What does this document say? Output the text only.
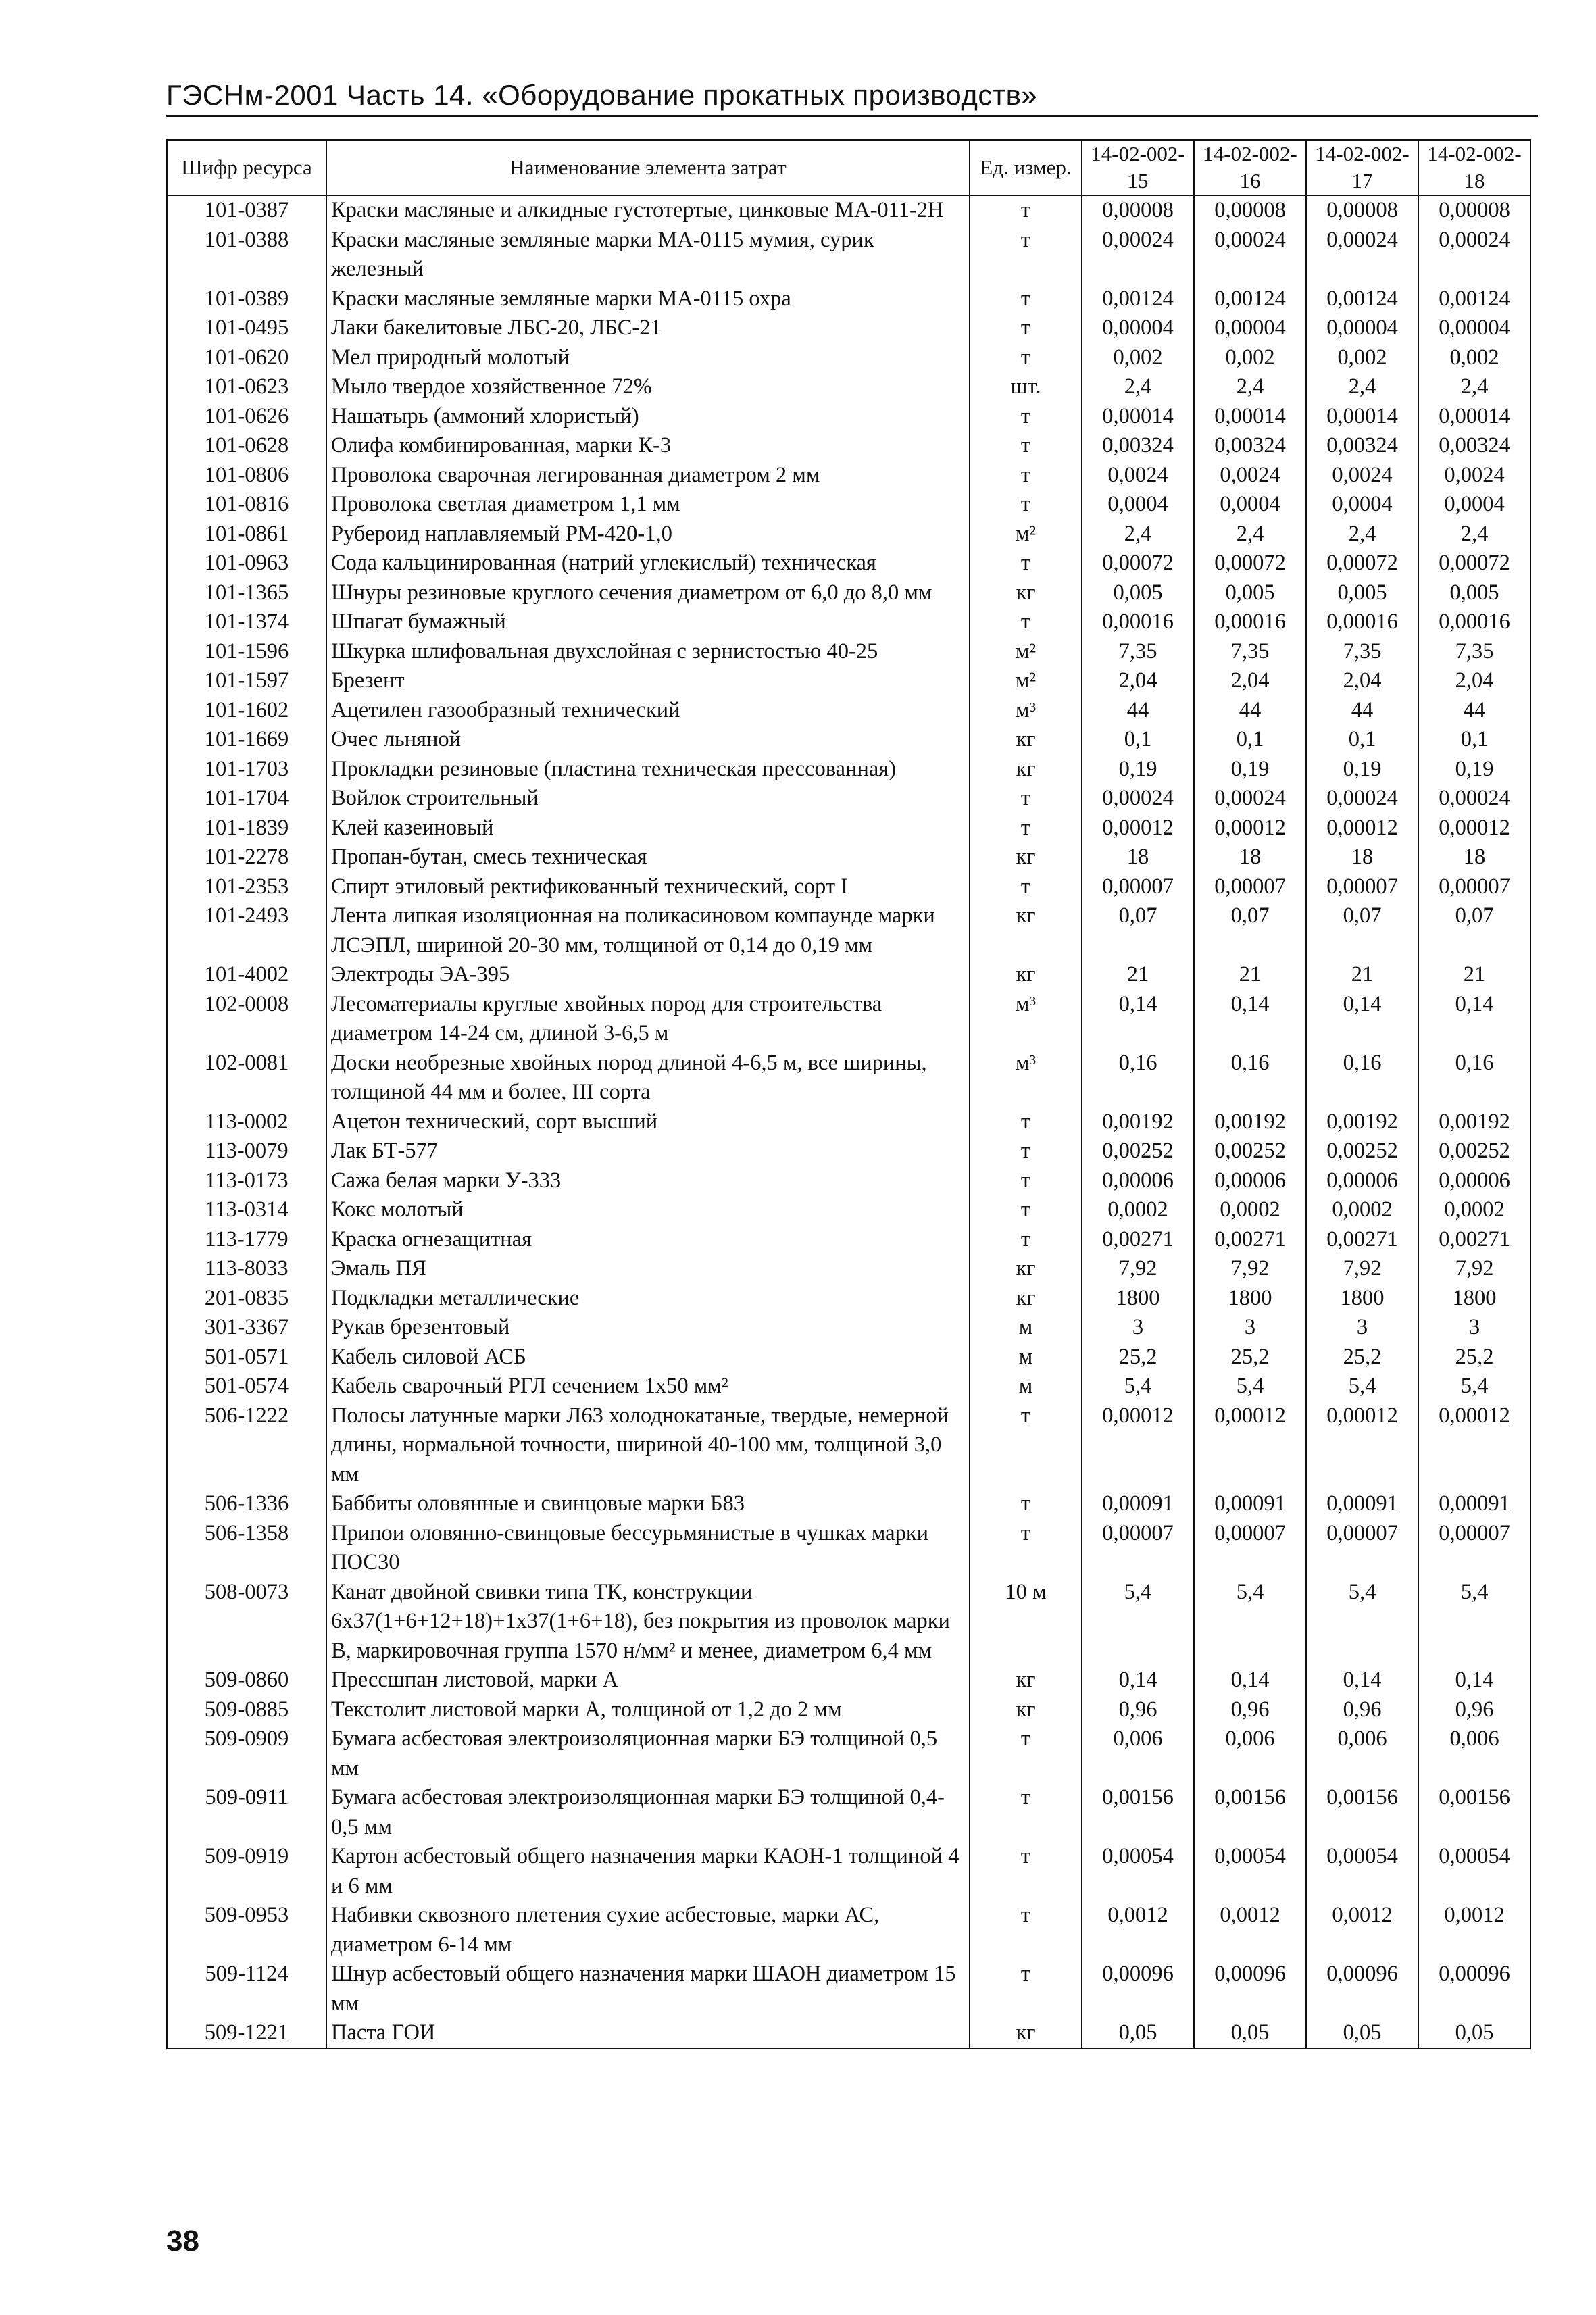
ГЭСНм-2001 Часть 14. «Оборудование прокатных производств»
Шифр ресурса	Наименование элемента затрат	Ед. измер.	14-02-002-15	14-02-002-16	14-02-002-17	14-02-002-18
101-0387	Краски масляные и алкидные густотертые, цинковые МА-011-2Н	т	0,00008	0,00008	0,00008	0,00008
101-0388	Краски масляные земляные марки МА-0115 мумия, сурик железный	т	0,00024	0,00024	0,00024	0,00024
101-0389	Краски масляные земляные марки МА-0115 охра	т	0,00124	0,00124	0,00124	0,00124
101-0495	Лаки бакелитовые ЛБС-20, ЛБС-21	т	0,00004	0,00004	0,00004	0,00004
101-0620	Мел природный молотый	т	0,002	0,002	0,002	0,002
101-0623	Мыло твердое хозяйственное 72%	шт.	2,4	2,4	2,4	2,4
101-0626	Нашатырь (аммоний хлористый)	т	0,00014	0,00014	0,00014	0,00014
101-0628	Олифа комбинированная, марки К-3	т	0,00324	0,00324	0,00324	0,00324
101-0806	Проволока сварочная легированная диаметром 2 мм	т	0,0024	0,0024	0,0024	0,0024
101-0816	Проволока светлая диаметром 1,1 мм	т	0,0004	0,0004	0,0004	0,0004
101-0861	Рубероид наплавляемый РМ-420-1,0	м²	2,4	2,4	2,4	2,4
101-0963	Сода кальцинированная (натрий углекислый) техническая	т	0,00072	0,00072	0,00072	0,00072
101-1365	Шнуры резиновые круглого сечения диаметром от 6,0 до 8,0 мм	кг	0,005	0,005	0,005	0,005
101-1374	Шпагат бумажный	т	0,00016	0,00016	0,00016	0,00016
101-1596	Шкурка шлифовальная двухслойная с зернистостью 40-25	м²	7,35	7,35	7,35	7,35
101-1597	Брезент	м²	2,04	2,04	2,04	2,04
101-1602	Ацетилен газообразный технический	м³	44	44	44	44
101-1669	Очес льняной	кг	0,1	0,1	0,1	0,1
101-1703	Прокладки резиновые (пластина техническая прессованная)	кг	0,19	0,19	0,19	0,19
101-1704	Войлок строительный	т	0,00024	0,00024	0,00024	0,00024
101-1839	Клей казеиновый	т	0,00012	0,00012	0,00012	0,00012
101-2278	Пропан-бутан, смесь техническая	кг	18	18	18	18
101-2353	Спирт этиловый ректификованный технический, сорт I	т	0,00007	0,00007	0,00007	0,00007
101-2493	Лента липкая изоляционная на поликасиновом компаунде марки ЛСЭПЛ, шириной 20-30 мм, толщиной от 0,14 до 0,19 мм	кг	0,07	0,07	0,07	0,07
101-4002	Электроды ЭА-395	кг	21	21	21	21
102-0008	Лесоматериалы круглые хвойных пород для строительства диаметром 14-24 см, длиной 3-6,5 м	м³	0,14	0,14	0,14	0,14
102-0081	Доски необрезные хвойных пород длиной 4-6,5 м, все ширины, толщиной 44 мм и более, III сорта	м³	0,16	0,16	0,16	0,16
113-0002	Ацетон технический, сорт высший	т	0,00192	0,00192	0,00192	0,00192
113-0079	Лак БТ-577	т	0,00252	0,00252	0,00252	0,00252
113-0173	Сажа белая марки У-333	т	0,00006	0,00006	0,00006	0,00006
113-0314	Кокс молотый	т	0,0002	0,0002	0,0002	0,0002
113-1779	Краска огнезащитная	т	0,00271	0,00271	0,00271	0,00271
113-8033	Эмаль ПЯ	кг	7,92	7,92	7,92	7,92
201-0835	Подкладки металлические	кг	1800	1800	1800	1800
301-3367	Рукав брезентовый	м	3	3	3	3
501-0571	Кабель силовой АСБ	м	25,2	25,2	25,2	25,2
501-0574	Кабель сварочный РГЛ сечением 1х50 мм²	м	5,4	5,4	5,4	5,4
506-1222	Полосы латунные марки Л63 холоднокатаные, твердые, немерной длины, нормальной точности, шириной 40-100 мм, толщиной 3,0 мм	т	0,00012	0,00012	0,00012	0,00012
506-1336	Баббиты оловянные и свинцовые марки Б83	т	0,00091	0,00091	0,00091	0,00091
506-1358	Припои оловянно-свинцовые бессурьмянистые в чушках марки ПОС30	т	0,00007	0,00007	0,00007	0,00007
508-0073	Канат двойной свивки типа ТК, конструкции 6х37(1+6+12+18)+1х37(1+6+18), без покрытия из проволок марки В, маркировочная группа 1570 н/мм² и менее, диаметром 6,4 мм	10 м	5,4	5,4	5,4	5,4
509-0860	Прессшпан листовой, марки А	кг	0,14	0,14	0,14	0,14
509-0885	Текстолит листовой марки А, толщиной от 1,2 до 2 мм	кг	0,96	0,96	0,96	0,96
509-0909	Бумага асбестовая электроизоляционная марки БЭ толщиной 0,5 мм	т	0,006	0,006	0,006	0,006
509-0911	Бумага асбестовая электроизоляционная марки БЭ толщиной 0,4-0,5 мм	т	0,00156	0,00156	0,00156	0,00156
509-0919	Картон асбестовый общего назначения марки КАОН-1 толщиной 4 и 6 мм	т	0,00054	0,00054	0,00054	0,00054
509-0953	Набивки сквозного плетения сухие асбестовые, марки АС, диаметром 6-14 мм	т	0,0012	0,0012	0,0012	0,0012
509-1124	Шнур асбестовый общего назначения марки ШАОН диаметром 15 мм	т	0,00096	0,00096	0,00096	0,00096
509-1221	Паста ГОИ	кг	0,05	0,05	0,05	0,05
38
